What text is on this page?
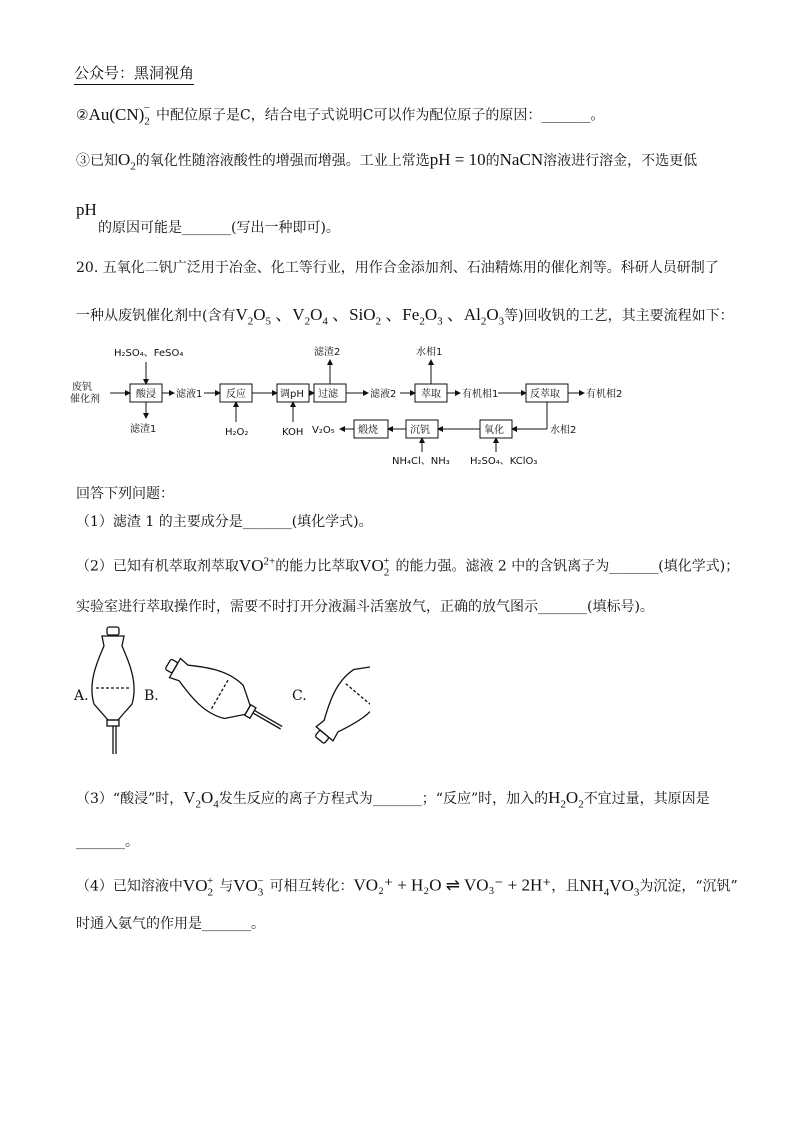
公众号：黑洞视角
$②Au(CN)_2^-$ 中配位原子是C，结合电子式说明C可以作为配位原子的原因：_______。
③已知$O_2$的氧化性随溶液酸性的增强而增强。工业上常选pH = 10的NaCN溶液进行溶金，不选更低
pH
的原因可能是_______(写出一种即可)。
20. 五氧化二钒广泛用于冶金、化工等行业，用作合金添加剂、石油精炼用的催化剂等。科研人员研制了
一种从废钒催化剂中(含有$V_2O_5$ 、$V_2O_4$ 、SiO$_2$ 、$Fe_2O_3$ 、$Al_2O_3$等)回收钒的工艺，其主要流程如下：
废钒
催化剂
H₂SO₄、FeSO₄
酸浸 滤液1
滤渣1
反应
H₂O₂
调pH
KOH
过滤
滤渣2
滤液2 萃取
水相1
有机相1	反萃取	有机相2
水相2
氧化
H₂SO₄、KClO₃
沉钒
NH₄Cl、NH₃
煅烧
V₂O₅
回答下列问题：
（1）滤渣 1 的主要成分是_______(填化学式)。
（2）已知有机萃取剂萃取$VO^{2+}$的能力比萃取$VO_2^+$ 的能力强。滤液 2 中的含钒离子为_______(填化学式)；
实验室进行萃取操作时，需要不时打开分液漏斗活塞放气，正确的放气图示_______(填标号)。
A.	B.	C.
（3）“酸浸”时，$V_2O_4$发生反应的离子方程式为_______；“反应”时，加入的$H_2O_2$不宜过量，其原因是
_______。
（4）已知溶液中$VO_2^+$ 与$VO_3^-$ 可相互转化：VO₂⁺ + H₂O ⇌ VO₃⁻ + 2H⁺，且$NH_4VO_3$为沉淀，“沉钒”
时通入氨气的作用是_______。
